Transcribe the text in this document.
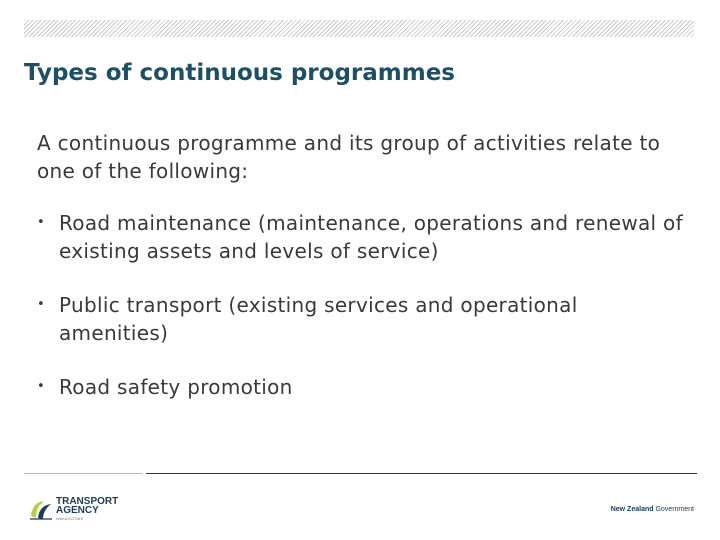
Types of continuous programmes

A continuous programme and its group of activities relate to one of the following:

• Road maintenance (maintenance, operations and renewal of existing assets and levels of service)
• Public transport (existing services and operational amenities)
• Road safety promotion
TRANSPORT
AGENCY
WAKA KOTAHI
New Zealand Government
